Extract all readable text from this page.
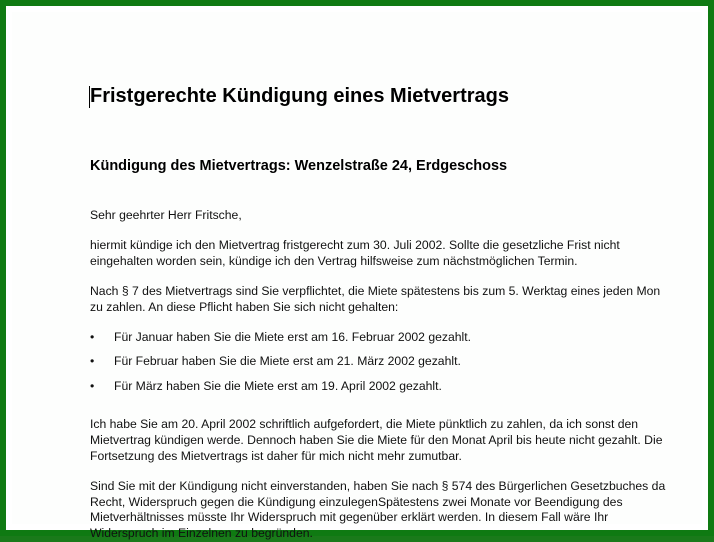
Fristgerechte Kündigung eines Mietvertrags
Kündigung des Mietvertrags: Wenzelstraße 24, Erdgeschoss
Sehr geehrter Herr Fritsche,
hiermit kündige ich den Mietvertrag fristgerecht zum 30. Juli 2002. Sollte die gesetzliche Frist nicht
eingehalten worden sein, kündige ich den Vertrag hilfsweise zum nächstmöglichen Termin.
Nach § 7 des Mietvertrags sind Sie verpflichtet, die Miete spätestens bis zum 5. Werktag eines jeden Mon
zu zahlen. An diese Pflicht haben Sie sich nicht gehalten:
•	Für Januar haben Sie die Miete erst am 16. Februar 2002 gezahlt.
•	Für Februar haben Sie die Miete erst am 21. März 2002 gezahlt.
•	Für März haben Sie die Miete erst am 19. April 2002 gezahlt.
Ich habe Sie am 20. April 2002 schriftlich aufgefordert, die Miete pünktlich zu zahlen, da ich sonst den
Mietvertrag kündigen werde. Dennoch haben Sie die Miete für den Monat April bis heute nicht gezahlt. Die
Fortsetzung des Mietvertrags ist daher für mich nicht mehr zumutbar.
Sind Sie mit der Kündigung nicht einverstanden, haben Sie nach § 574 des Bürgerlichen Gesetzbuches da
Recht, Widerspruch gegen die Kündigung einzulegenSpätestens zwei Monate vor Beendigung des
Mietverhältnisses müsste Ihr Widerspruch mit gegenüber erklärt werden. In diesem Fall wäre Ihr
Widerspruch im Einzelnen zu begründen.
